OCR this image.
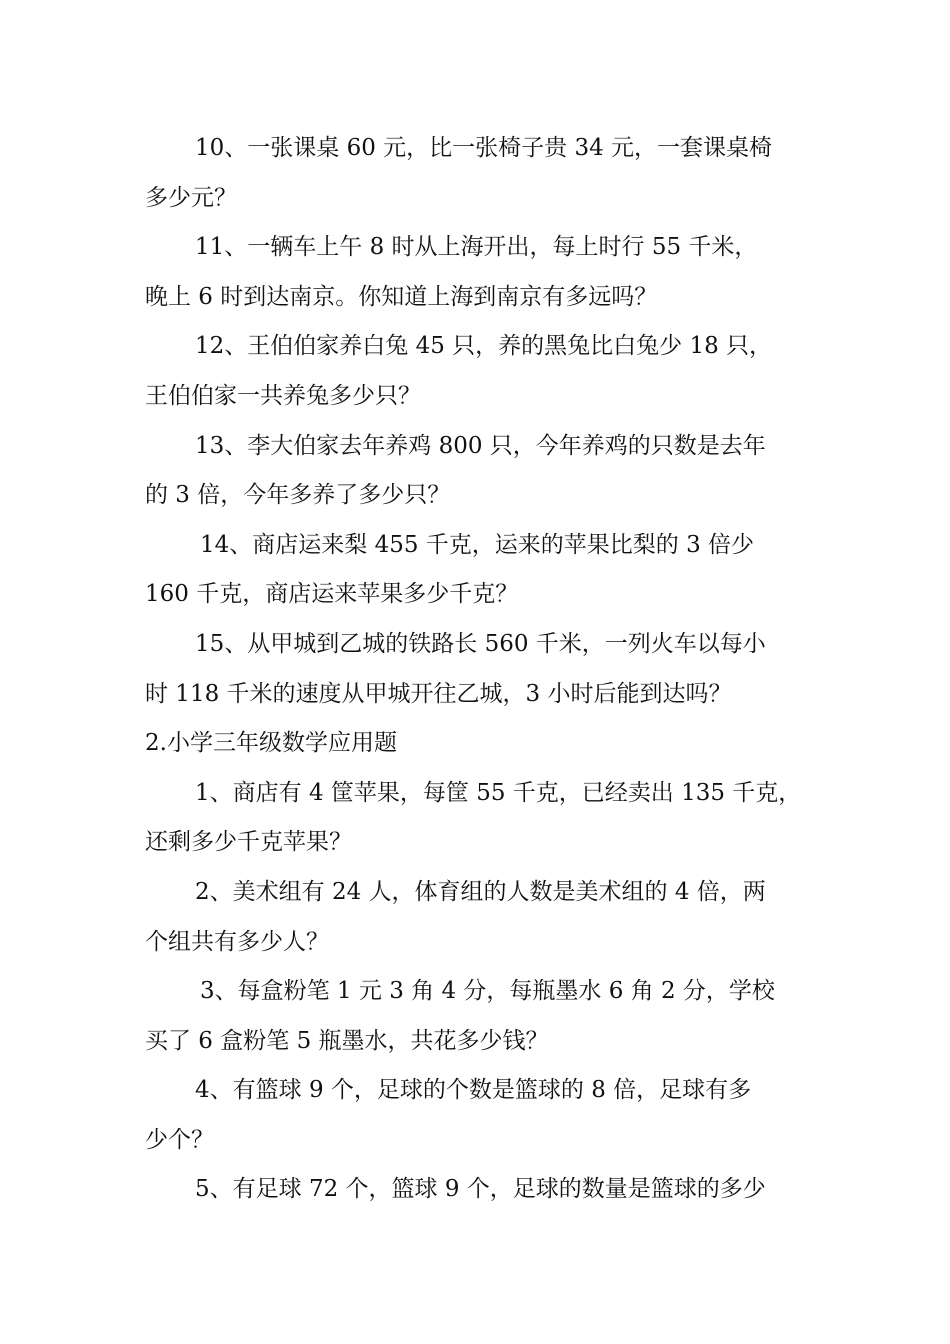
10、一张课桌 60 元，比一张椅子贵 34 元，一套课桌椅
多少元？
11、一辆车上午 8 时从上海开出，每上时行 55 千米，
晚上 6 时到达南京。你知道上海到南京有多远吗？
12、王伯伯家养白兔 45 只，养的黑兔比白兔少 18 只，
王伯伯家一共养兔多少只？
13、李大伯家去年养鸡 800 只，今年养鸡的只数是去年
的 3 倍，今年多养了多少只？
14、商店运来梨 455 千克，运来的苹果比梨的 3 倍少
160 千克，商店运来苹果多少千克？
15、从甲城到乙城的铁路长 560 千米，一列火车以每小
时 118 千米的速度从甲城开往乙城，3 小时后能到达吗？
2.小学三年级数学应用题
1、商店有 4 筐苹果，每筐 55 千克，已经卖出 135 千克，
还剩多少千克苹果？
2、美术组有 24 人，体育组的人数是美术组的 4 倍，两
个组共有多少人？
3、每盒粉笔 1 元 3 角 4 分，每瓶墨水 6 角 2 分，学校
买了 6 盒粉笔 5 瓶墨水，共花多少钱？
4、有篮球 9 个，足球的个数是篮球的 8 倍，足球有多
少个？
5、有足球 72 个，篮球 9 个，足球的数量是篮球的多少
